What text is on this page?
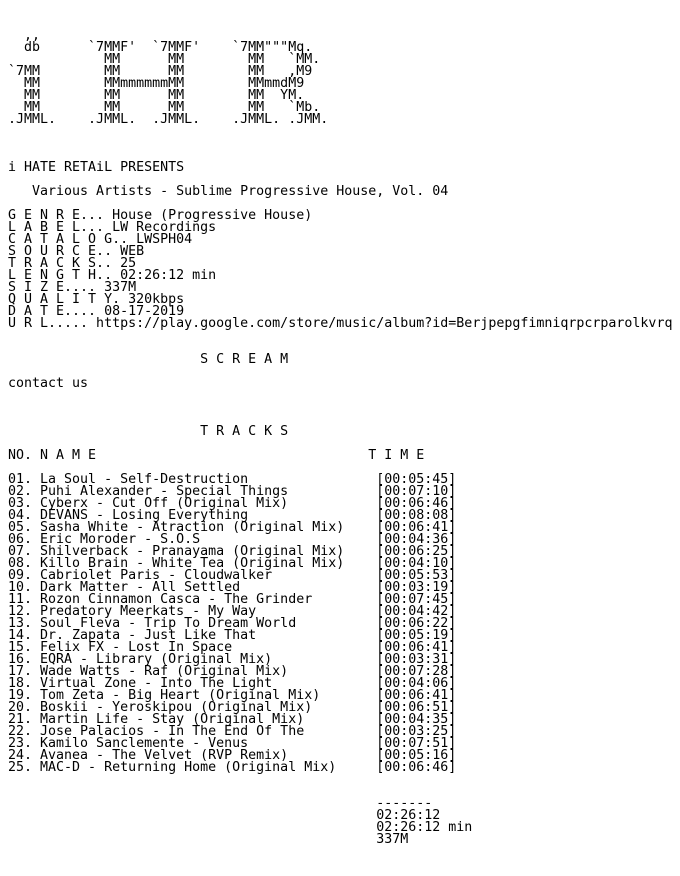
,,
db      `7MMF'  `7MMF'    `7MM"""Mq.
MM      MM        MM   `MM.
`7MM        MM      MM        MM   ,M9
MM        MMmmmmmmMM        MMmmdM9
MM        MM      MM        MM  YM.
MM        MM      MM        MM   `Mb.
.JMML.    .JMML.  .JMML.    .JMML. .JMM.
i HATE RETAiL PRESENTS
Various Artists - Sublime Progressive House, Vol. 04
G E N R E... House (Progressive House)
L A B E L... LW Recordings
C A T A L O G.. LWSPH04
S O U R C E.. WEB
T R A C K S.. 25
L E N G T H.. 02:26:12 min
S I Z E.... 337M
Q U A L I T Y. 320kbps
D A T E.... 08-17-2019
U R L..... https://play.google.com/store/music/album?id=Berjpepgfimniqrpcrparolkvrq
S C R E A M
contact us
T R A C K S
NO. N A M E                                  T I M E
01. La Soul - Self-Destruction                [00:05:45]
02. Puhi Alexander - Special Things           [00:07:10]
03. Cyberx - Cut Off (Original Mix)           [00:06:46]
04. DEVANS - Losing Everything                [00:08:08]
05. Sasha White - Atraction (Original Mix)    [00:06:41]
06. Eric Moroder - S.O.S                      [00:04:36]
07. Shilverback - Pranayama (Original Mix)    [00:06:25]
08. Killo Brain - White Tea (Original Mix)    [00:04:10]
09. Cabriolet Paris - Cloudwalker             [00:05:53]
10. Dark Matter - All Settled                 [00:03:19]
11. Rozon Cinnamon Casca - The Grinder        [00:07:45]
12. Predatory Meerkats - My Way               [00:04:42]
13. Soul Fleva - Trip To Dream World          [00:06:22]
14. Dr. Zapata - Just Like That               [00:05:19]
15. Felix FX - Lost In Space                  [00:06:41]
16. EQRA - Library (Original Mix)             [00:03:31]
17. Wade Watts - Raf (Original Mix)           [00:07:28]
18. Virtual Zone - Into The Light             [00:04:06]
19. Tom Zeta - Big Heart (Original Mix)       [00:06:41]
20. Boskii - Yeroskipou (Original Mix)        [00:06:51]
21. Martin Life - Stay (Original Mix)         [00:04:35]
22. Jose Palacios - In The End Of The         [00:03:25]
23. Kamilo Sanclemente - Venus                [00:07:51]
24. Avanea - The Velvet (RVP Remix)           [00:05:16]
25. MAC-D - Returning Home (Original Mix)     [00:06:46]
-------
02:26:12
02:26:12 min
337M
